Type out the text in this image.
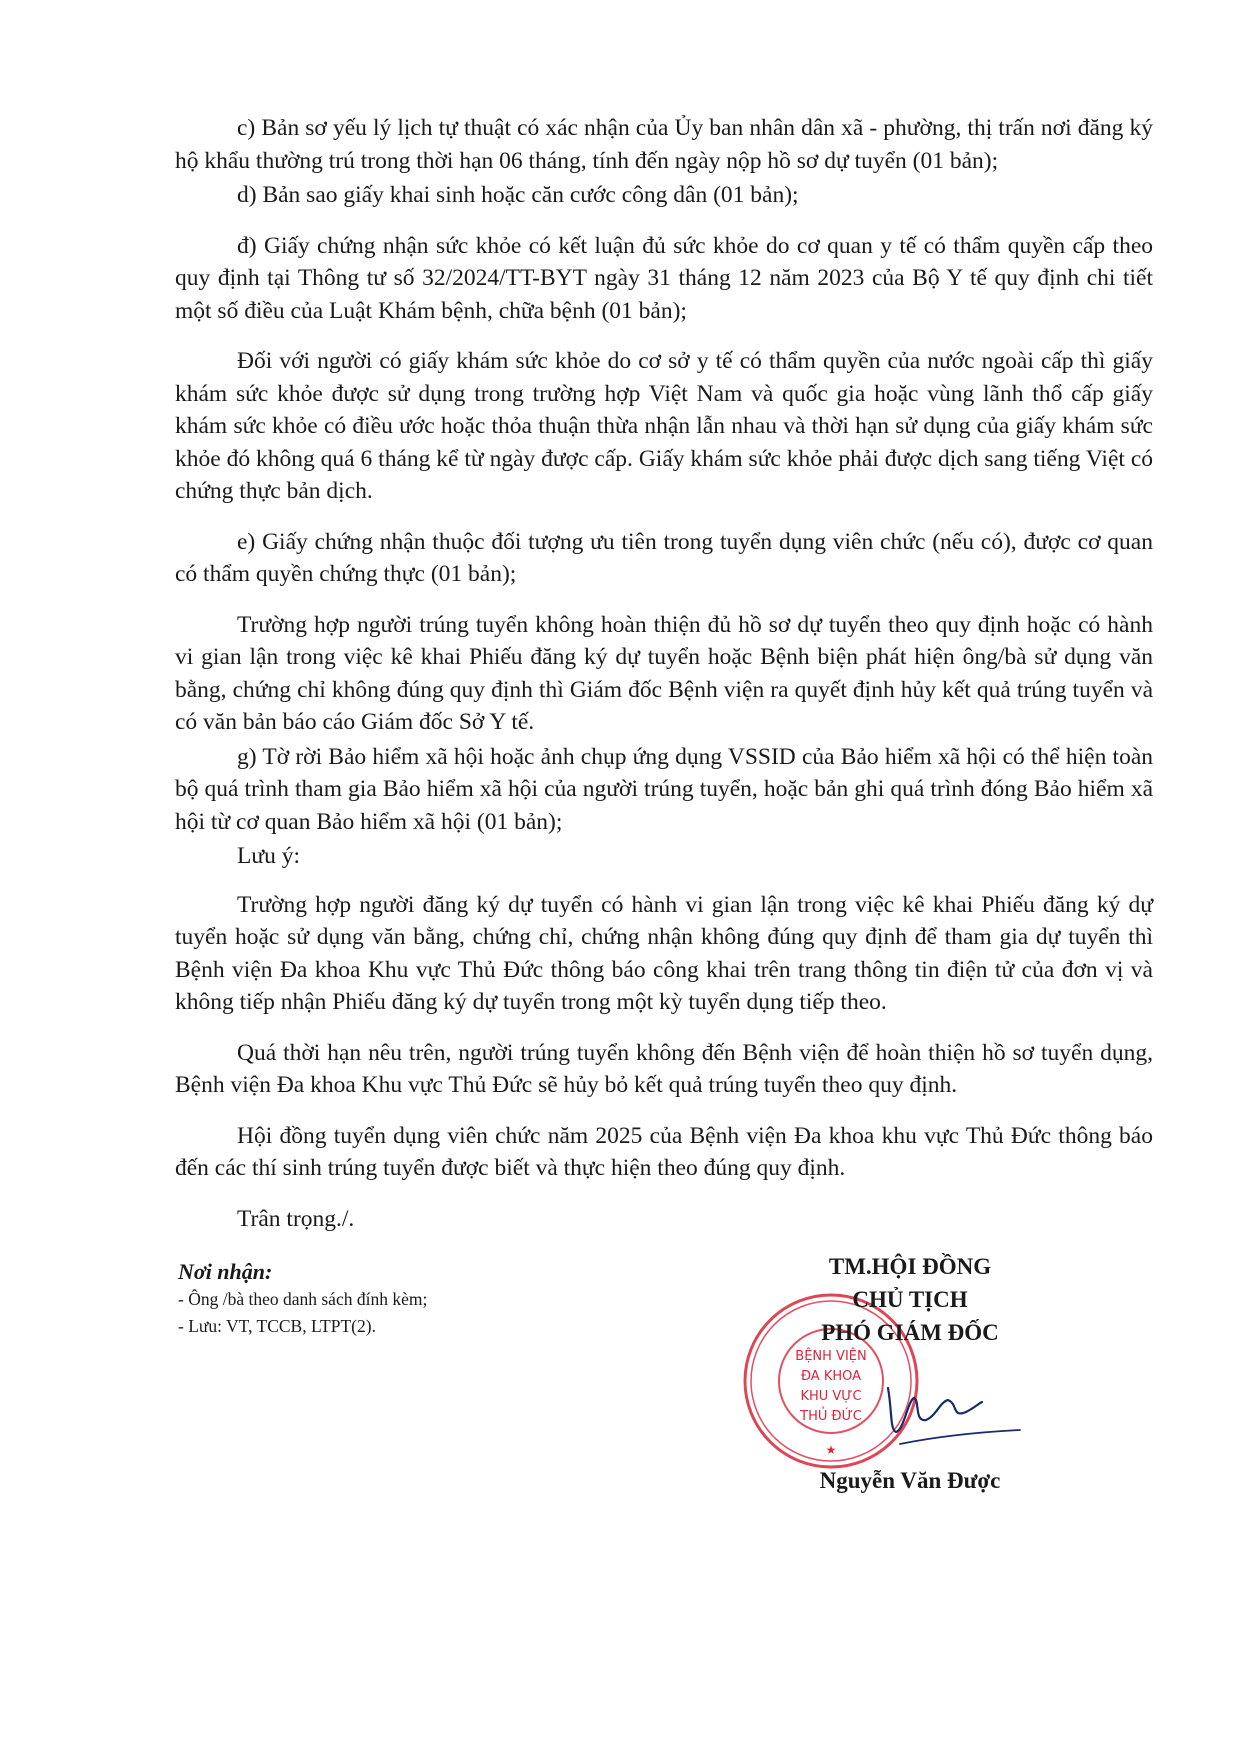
c) Bản sơ yếu lý lịch tự thuật có xác nhận của Ủy ban nhân dân xã - phường, thị trấn nơi đăng ký hộ khẩu thường trú trong thời hạn 06 tháng, tính đến ngày nộp hồ sơ dự tuyển (01 bản);

d) Bản sao giấy khai sinh hoặc căn cước công dân (01 bản);

đ) Giấy chứng nhận sức khỏe có kết luận đủ sức khỏe do cơ quan y tế có thẩm quyền cấp theo quy định tại Thông tư số 32/2024/TT-BYT ngày 31 tháng 12 năm 2023 của Bộ Y tế quy định chi tiết một số điều của Luật Khám bệnh, chữa bệnh (01 bản);

Đối với người có giấy khám sức khỏe do cơ sở y tế có thẩm quyền của nước ngoài cấp thì giấy khám sức khỏe được sử dụng trong trường hợp Việt Nam và quốc gia hoặc vùng lãnh thổ cấp giấy khám sức khỏe có điều ước hoặc thỏa thuận thừa nhận lẫn nhau và thời hạn sử dụng của giấy khám sức khỏe đó không quá 6 tháng kể từ ngày được cấp. Giấy khám sức khỏe phải được dịch sang tiếng Việt có chứng thực bản dịch.

e) Giấy chứng nhận thuộc đối tượng ưu tiên trong tuyển dụng viên chức (nếu có), được cơ quan có thẩm quyền chứng thực (01 bản);

Trường hợp người trúng tuyển không hoàn thiện đủ hồ sơ dự tuyển theo quy định hoặc có hành vi gian lận trong việc kê khai Phiếu đăng ký dự tuyển hoặc Bệnh biện phát hiện ông/bà sử dụng văn bằng, chứng chỉ không đúng quy định thì Giám đốc Bệnh viện ra quyết định hủy kết quả trúng tuyển và có văn bản báo cáo Giám đốc Sở Y tế.

g) Tờ rời Bảo hiểm xã hội hoặc ảnh chụp ứng dụng VSSID của Bảo hiểm xã hội có thể hiện toàn bộ quá trình tham gia Bảo hiểm xã hội của người trúng tuyển, hoặc bản ghi quá trình đóng Bảo hiểm xã hội từ cơ quan Bảo hiểm xã hội (01 bản);

Lưu ý:

Trường hợp người đăng ký dự tuyển có hành vi gian lận trong việc kê khai Phiếu đăng ký dự tuyển hoặc sử dụng văn bằng, chứng chỉ, chứng nhận không đúng quy định để tham gia dự tuyển thì Bệnh viện Đa khoa Khu vực Thủ Đức thông báo công khai trên trang thông tin điện tử của đơn vị và không tiếp nhận Phiếu đăng ký dự tuyển trong một kỳ tuyển dụng tiếp theo.

Quá thời hạn nêu trên, người trúng tuyển không đến Bệnh viện để hoàn thiện hồ sơ tuyển dụng, Bệnh viện Đa khoa Khu vực Thủ Đức sẽ hủy bỏ kết quả trúng tuyển theo quy định.

Hội đồng tuyển dụng viên chức năm 2025 của Bệnh viện Đa khoa khu vực Thủ Đức thông báo đến các thí sinh trúng tuyển được biết và thực hiện theo đúng quy định.

Trân trọng./.

Nơi nhận:
- Ông /bà theo danh sách đính kèm;
- Lưu: VT, TCCB, LTPT(2).
★
BỆNH VIỆN
ĐA KHOA
KHU VỰC
THỦ ĐỨC
TM.HỘI ĐỒNG
CHỦ TỊCH
PHÓ GIÁM ĐỐC
Nguyễn Văn Được
